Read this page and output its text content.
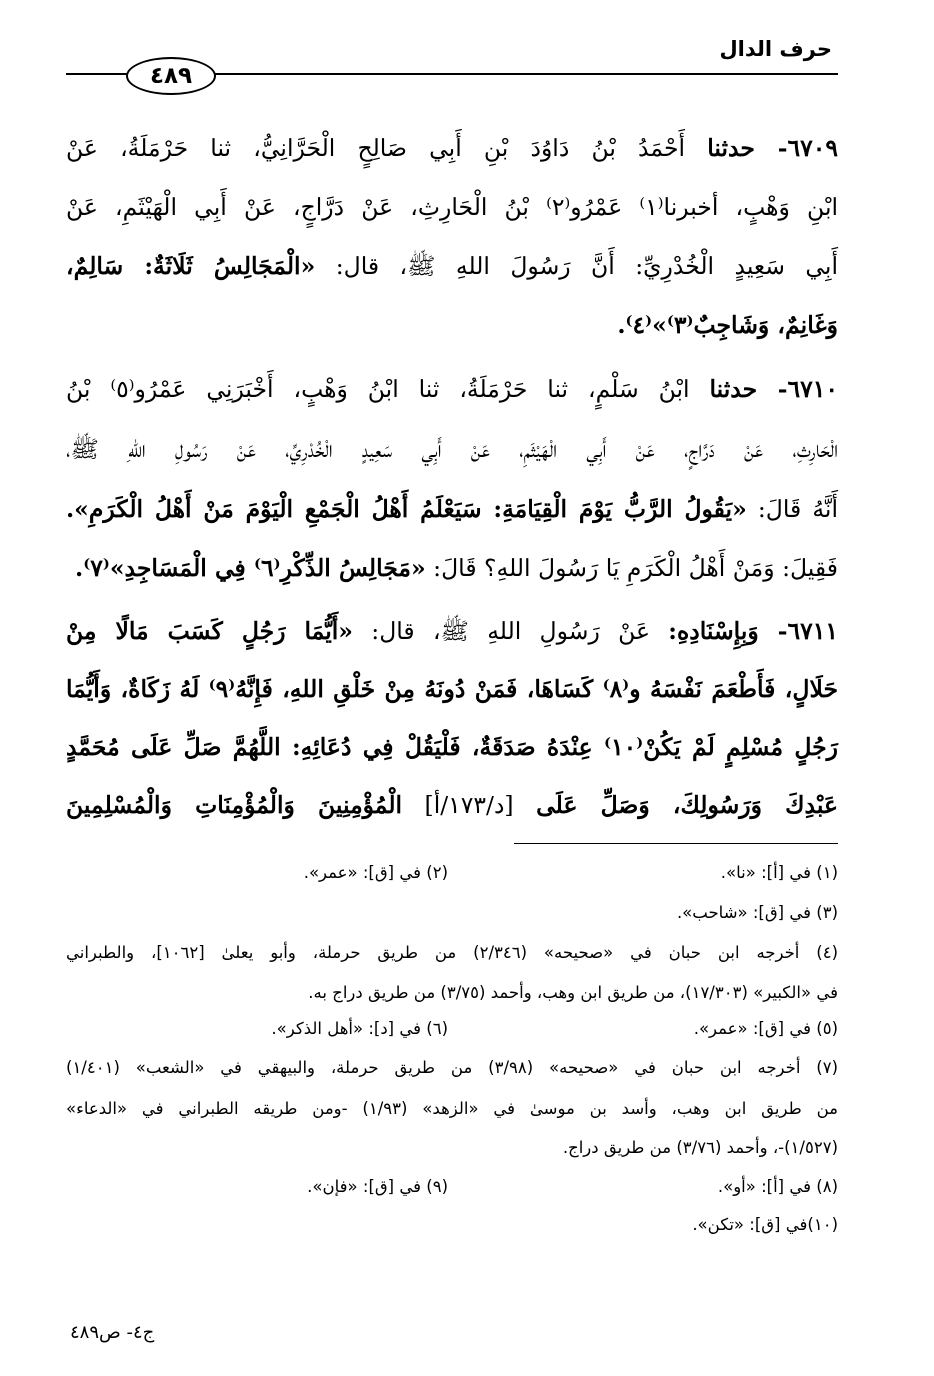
حرف الدال
٤٨٩
٦٧٠٩- حدثنا أَحْمَدُ بْنُ دَاوُدَ بْنِ أَبِي صَالِحٍ الْحَرَّانِيُّ، ثنا حَرْمَلَةُ، عَنْ
ابْنِ وَهْبٍ، أخبرنا⁽١⁾ عَمْرُو⁽٢⁾ بْنُ الْحَارِثِ، عَنْ دَرَّاجٍ، عَنْ أَبِي الْهَيْثَمِ، عَنْ
أَبِي سَعِيدٍ الْخُدْرِيِّ: أَنَّ رَسُولَ اللهِ ﷺ، قال: «الْمَجَالِسُ ثَلَاثَةٌ: سَالِمٌ،
وَغَانِمٌ، وَشَاجِبٌ⁽٣⁾»⁽٤⁾.
٦٧١٠- حدثنا ابْنُ سَلْمٍ، ثنا حَرْمَلَةُ، ثنا ابْنُ وَهْبٍ، أَخْبَرَنِي عَمْرُو⁽٥⁾ بْنُ
الْحَارِثِ، عَنْ دَرَّاجٍ، عَنْ أَبِي الْهَيْثَمِ، عَنْ أَبِي سَعِيدٍ الْخُدْرِيِّ، عَنْ رَسُولِ اللهِ ﷺ،
أَنَّهُ قَالَ: «يَقُولُ الرَّبُّ يَوْمَ الْقِيَامَةِ: سَيَعْلَمُ أَهْلُ الْجَمْعِ الْيَوْمَ مَنْ أَهْلُ الْكَرَمِ».
فَقِيلَ: وَمَنْ أَهْلُ الْكَرَمِ يَا رَسُولَ اللهِ؟ قَالَ: «مَجَالِسُ الذِّكْرِ⁽٦⁾ فِي الْمَسَاجِدِ»⁽٧⁾.
٦٧١١- وَبِإِسْنَادِهِ: عَنْ رَسُولِ اللهِ ﷺ، قال: «أَيُّمَا رَجُلٍ كَسَبَ مَالًا مِنْ
حَلَالٍ، فَأَطْعَمَ نَفْسَهُ و⁽٨⁾ كَسَاهَا، فَمَنْ دُونَهُ مِنْ خَلْقِ اللهِ، فَإِنَّهُ⁽٩⁾ لَهُ زَكَاةٌ، وَأَيُّمَا
رَجُلٍ مُسْلِمٍ لَمْ يَكُنْ⁽١٠⁾ عِنْدَهُ صَدَقَةٌ، فَلْيَقُلْ فِي دُعَائِهِ: اللَّهُمَّ صَلِّ عَلَى مُحَمَّدٍ
عَبْدِكَ وَرَسُولِكَ، وَصَلِّ عَلَى [د/١٧٣/أ] الْمُؤْمِنِينَ وَالْمُؤْمِنَاتِ وَالْمُسْلِمِينَ
(١) في [أ]: «نا».
(٢) في [ق]: «عمر».
(٣) في [ق]: «شاحب».
(٤) أخرجه ابن حبان في «صحيحه» (٢/٣٤٦) من طريق حرملة، وأبو يعلىٰ [١٠٦٢]، والطبراني
في «الكبير» (١٧/٣٠٣)، من طريق ابن وهب، وأحمد (٣/٧٥) من طريق دراج به.
(٥) في [ق]: «عمر».
(٦) في [د]: «أهل الذكر».
(٧) أخرجه ابن حبان في «صحيحه» (٣/٩٨) من طريق حرملة، والبيهقي في «الشعب» (١/٤٠١)
من طريق ابن وهب، وأسد بن موسىٰ في «الزهد» (١/٩٣) -ومن طريقه الطبراني في «الدعاء»
(١/٥٢٧)-، وأحمد (٣/٧٦) من طريق دراج.
(٨) في [أ]: «أو».
(٩) في [ق]: «فإن».
(١٠)في [ق]: «تكن».
ج٤- ص٤٨٩
